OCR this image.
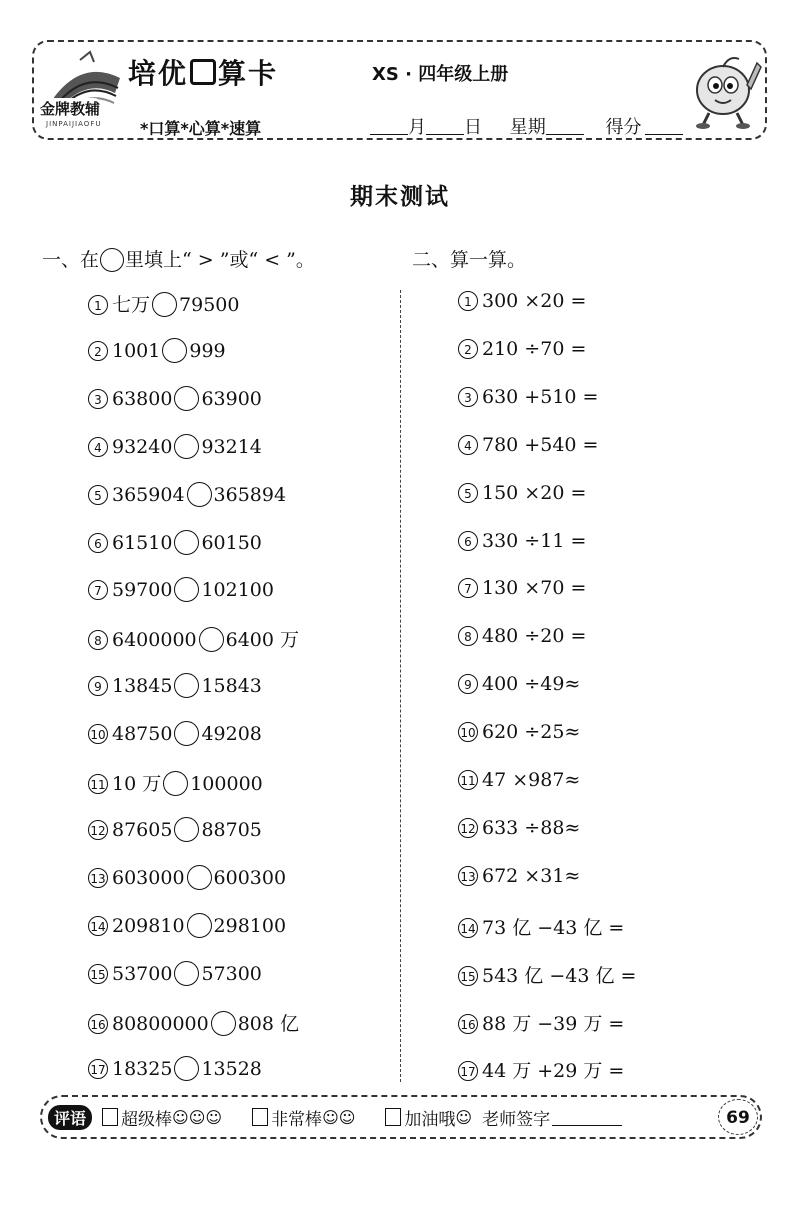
金牌教辅
JINPAIJIAOFU
培优 算卡	XS · 四年级上册
*口算*心算*速算	月 日 星期	得分
期末测试
一、在 里填上“ > ”或“ < ”。	二、算一算。
1 七万 79500
2 1001 999
3 63800 63900
4 93240 93214
5 365904 365894
6 61510 60150
7 59700 102100
8 6400000 6400 万
9 13845 15843
10 48750 49208
11 10 万 100000
12 87605 88705
13 603000 600300
14 209810 298100
15 53700 57300
16 80800000 808 亿
17 18325 13528
1 300 ×20 =
2 210 ÷70 =
3 630 +510 =
4 780 +540 =
5 150 ×20 =
6 330 ÷11 =
7 130 ×70 =
8 480 ÷20 =
9 400 ÷49≈
10 620 ÷25≈
11 47 ×987≈
12 633 ÷88≈
13 672 ×31≈
14 73 亿 −43 亿 =
15 543 亿 −43 亿 =
16 88 万 −39 万 =
17 44 万 +29 万 =
评语	超级棒 ☺☺☺	非常棒 ☺☺	加油哦 ☺ 老师签字	69
